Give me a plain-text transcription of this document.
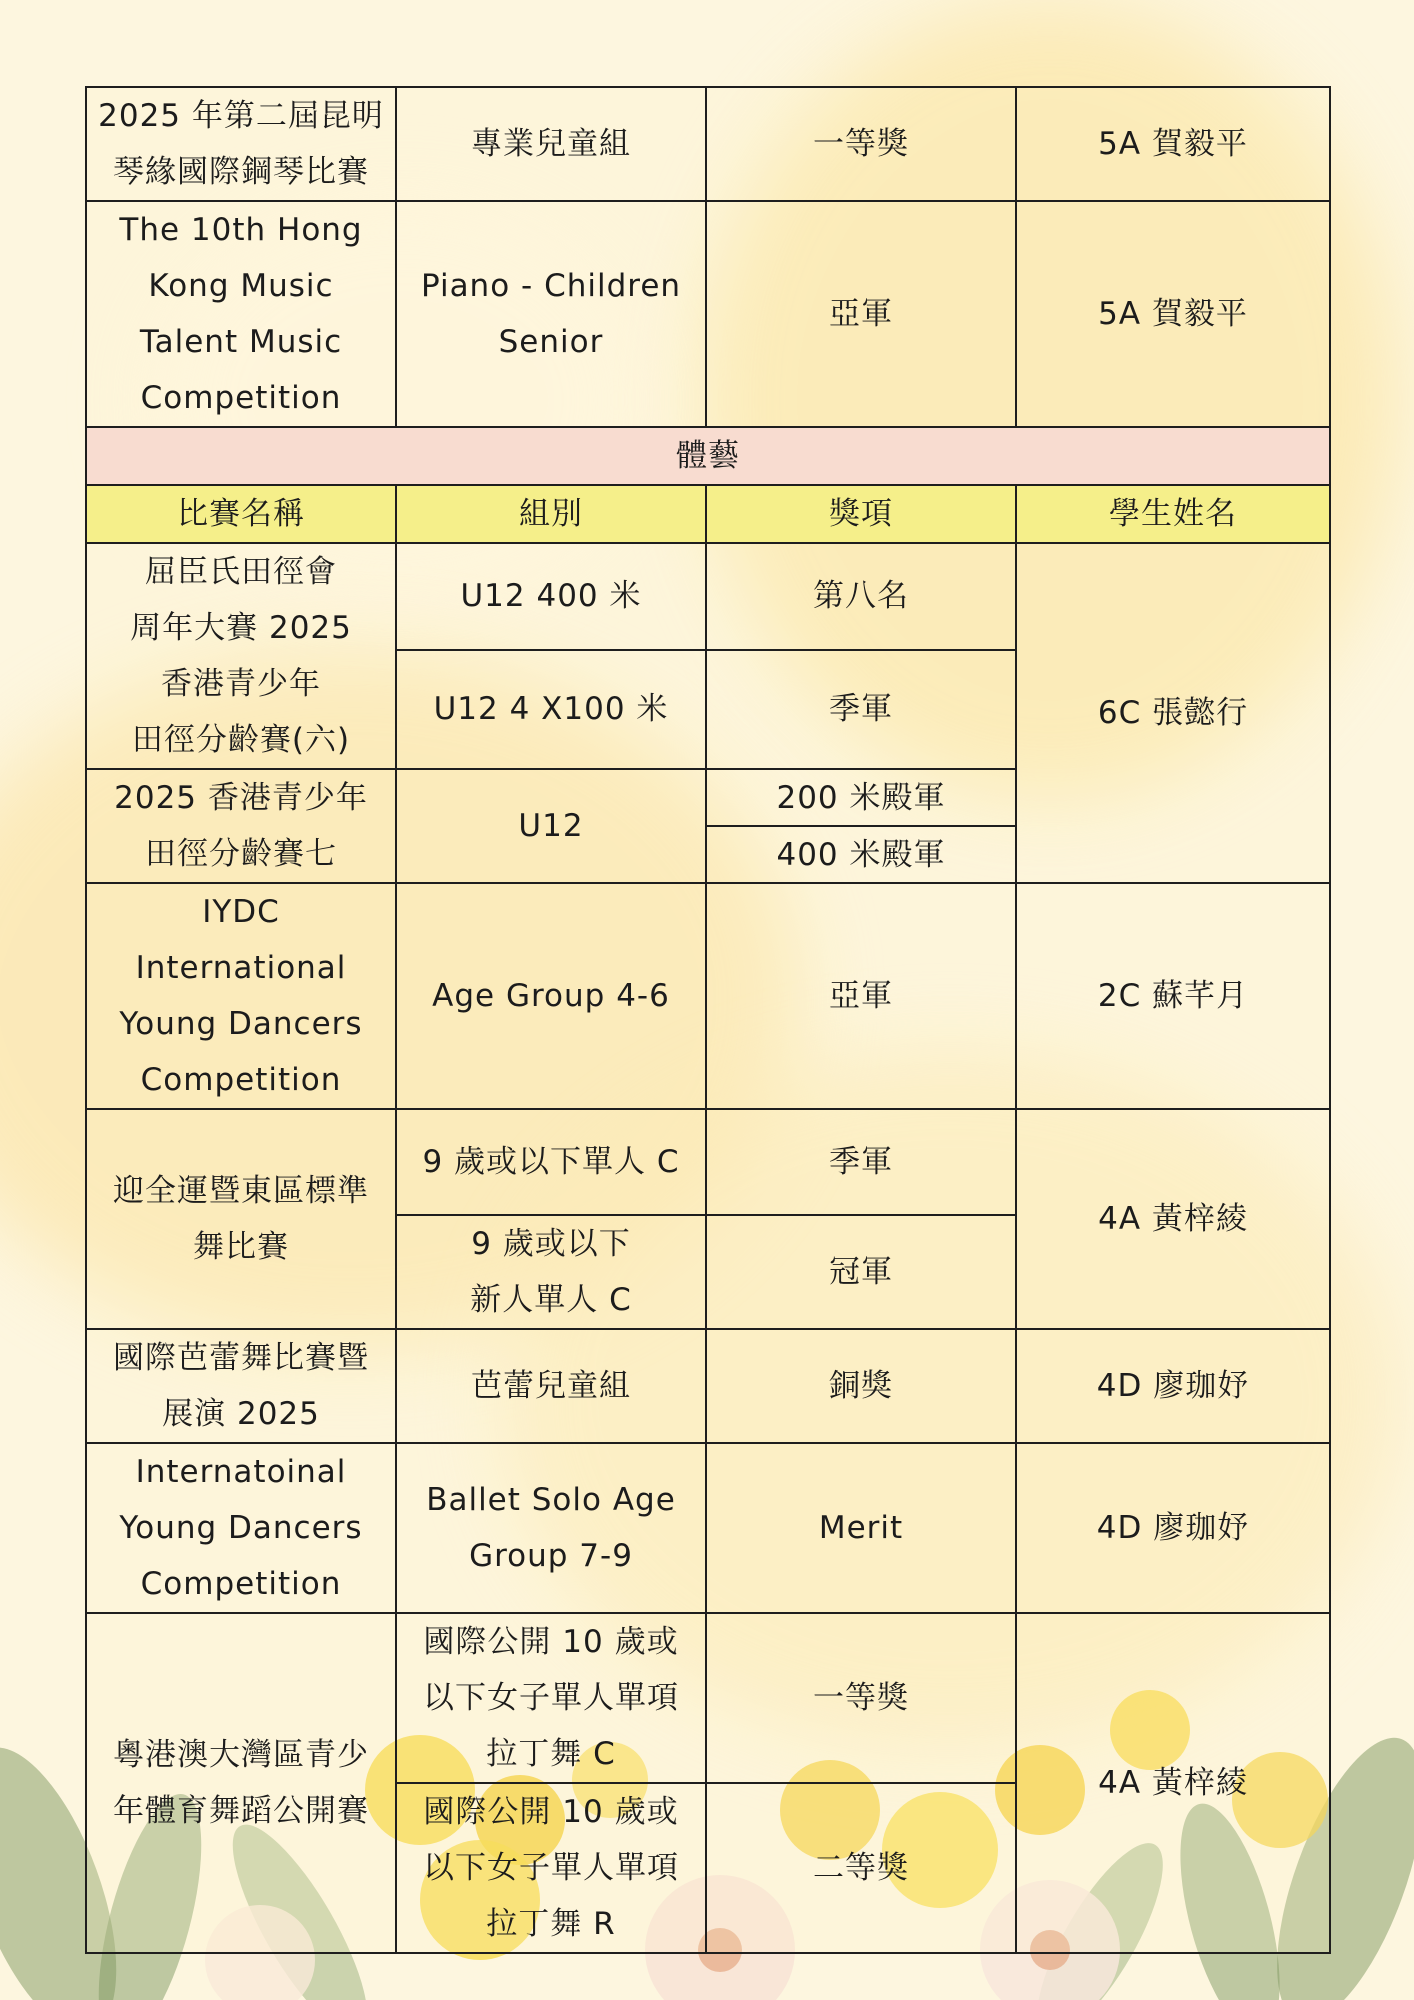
2025 年第二屆昆明
琴緣國際鋼琴比賽	專業兒童組	一等獎	5A 賀毅平

The 10th Hong
Kong Music
Talent Music
Competition	Piano - Children
Senior	亞軍	5A 賀毅平

體藝			
比賽名稱	組別	獎項	學生姓名

屈臣氏田徑會
周年大賽 2025
香港青少年
田徑分齡賽(六)	U12 400 米	第八名	6C 張懿行
	U12 4 X100 米	季軍	

2025 香港青少年
田徑分齡賽七	U12	200 米殿軍	
		400 米殿軍	

IYDC International
Young Dancers
Competition	Age Group 4-6	亞軍	2C 蘇芊月

迎全運暨東區標準
舞比賽	9 歲或以下單人 C	季軍	4A 黃梓綾

	9 歲或以下
新人單人 C	冠軍	

國際芭蕾舞比賽暨
展演 2025	芭蕾兒童組	銅獎	4D 廖珈妤

Internatoinal
Young Dancers
Competition	Ballet Solo Age
Group 7-9	Merit	4D 廖珈妤

粵港澳大灣區青少
年體育舞蹈公開賽	國際公開 10 歲或
以下女子單人單項
拉丁舞 C	一等獎	4A 黃梓綾

	國際公開 10 歲或
以下女子單人單項
拉丁舞 R	二等獎	
